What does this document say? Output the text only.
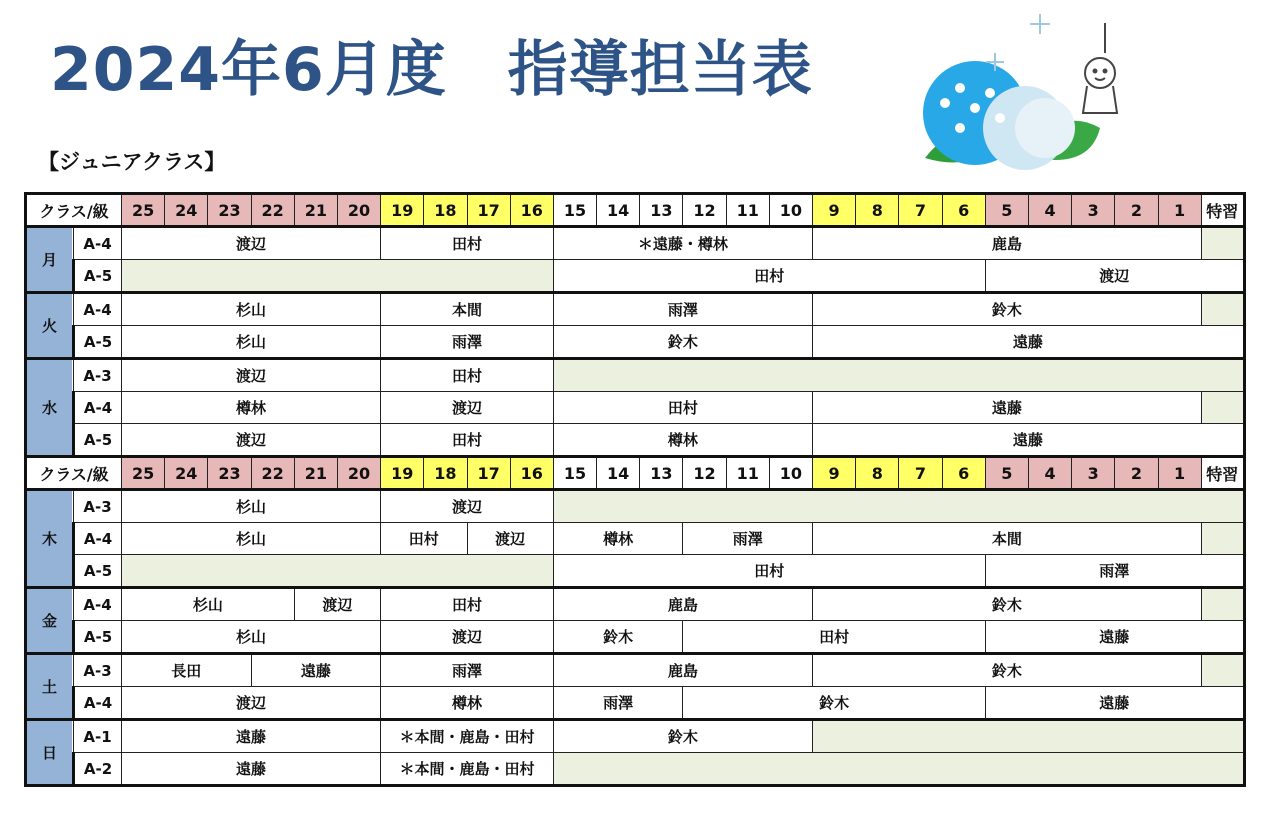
2024年6月度　指導担当表
【ジュニアクラス】
クラス/級		25	24	23	22	21	20	19	18	17	16	15	14	13	12	11	10	9	8	7	6	5	4	3	2	1	特習
月	A-4	渡辺						田村				＊遠藤・樽林						鹿島									
	A-5											田村										渡辺					
火	A-4	杉山						本間				雨澤						鈴木									
	A-5	杉山						雨澤				鈴木						遠藤									
水	A-3	渡辺						田村																			
	A-4	樽林						渡辺				田村						遠藤									
	A-5	渡辺						田村				樽林						遠藤									
クラス/級		25	24	23	22	21	20	19	18	17	16	15	14	13	12	11	10	9	8	7	6	5	4	3	2	1	特習
木	A-3	杉山						渡辺																			
	A-4	杉山						田村		渡辺		樽林			雨澤			本間									
	A-5											田村										雨澤					
金	A-4	杉山				渡辺		田村				鹿島						鈴木									
	A-5	杉山						渡辺				鈴木			田村							遠藤					
土	A-3	長田			遠藤			雨澤				鹿島						鈴木									
	A-4	渡辺						樽林				雨澤			鈴木							遠藤					
日	A-1	遠藤						＊本間・鹿島・田村				鈴木															
	A-2	遠藤						＊本間・鹿島・田村																			
